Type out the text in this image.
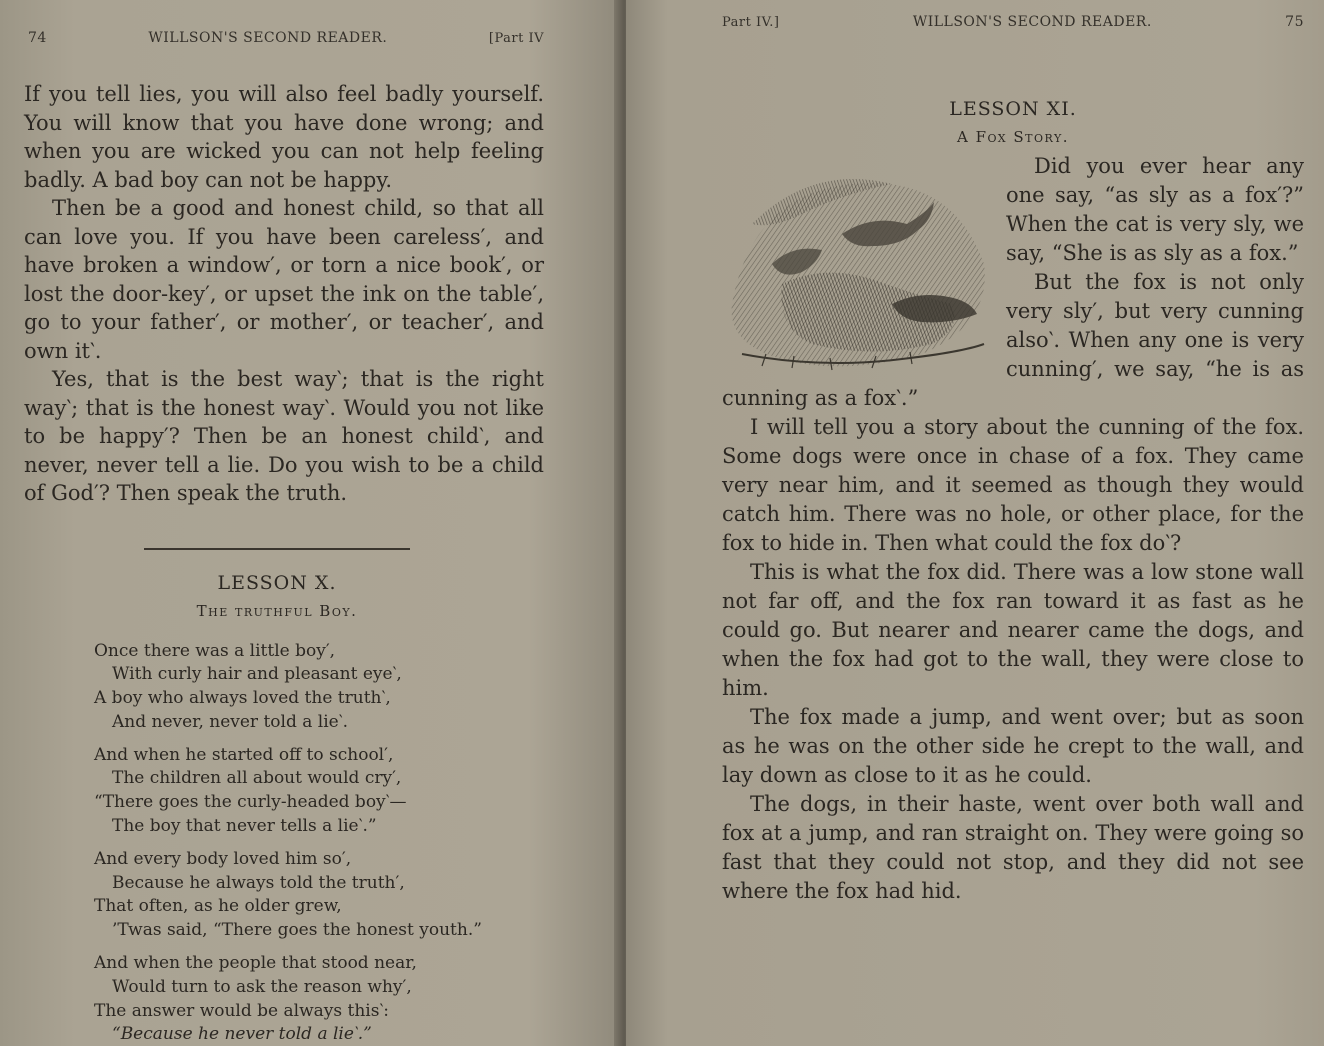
74	WILLSON'S SECOND READER.	[Part IV

If you tell lies, you will also feel badly yourself. You will know that you have done wrong; and when you are wicked you can not help feeling badly. A bad boy can not be happy.

Then be a good and honest child, so that all can love you. If you have been careless′, and have broken a window′, or torn a nice book′, or lost the door-key′, or upset the ink on the table′, go to your father′, or mother′, or teacher′, and own it‵.

Yes, that is the best way‵; that is the right way‵; that is the honest way‵. Would you not like to be happy′? Then be an honest child‵, and never, never tell a lie. Do you wish to be a child of God′? Then speak the truth.

LESSON X.
The truthful Boy.
Once there was a little boy′,
With curly hair and pleasant eye‵,
A boy who always loved the truth‵,
And never, never told a lie‵.
And when he started off to school′,
The children all about would cry′,
“There goes the curly-headed boy‵—
The boy that never tells a lie‵.”
And every body loved him so′,
Because he always told the truth′,
That often, as he older grew,
’Twas said, “There goes the honest youth.”
And when the people that stood near,
Would turn to ask the reason why′,
The answer would be always this‵:
“Because he never told a lie‵.”
Part IV.]	WILLSON'S SECOND READER.	75
LESSON XI.
A Fox Story.

Did you ever hear any one say, “as sly as a fox′?” When the cat is very sly, we say, “She is as sly as a fox.”

But the fox is not only very sly′, but very cunning also‵. When any one is very cunning′, we say, “he is as cunning as a fox‵.”

I will tell you a story about the cunning of the fox. Some dogs were once in chase of a fox. They came very near him, and it seemed as though they would catch him. There was no hole, or other place, for the fox to hide in. Then what could the fox do‵?

This is what the fox did. There was a low stone wall not far off, and the fox ran toward it as fast as he could go. But nearer and nearer came the dogs, and when the fox had got to the wall, they were close to him.

The fox made a jump, and went over; but as soon as he was on the other side he crept to the wall, and lay down as close to it as he could.

The dogs, in their haste, went over both wall and fox at a jump, and ran straight on. They were going so fast that they could not stop, and they did not see where the fox had hid.
